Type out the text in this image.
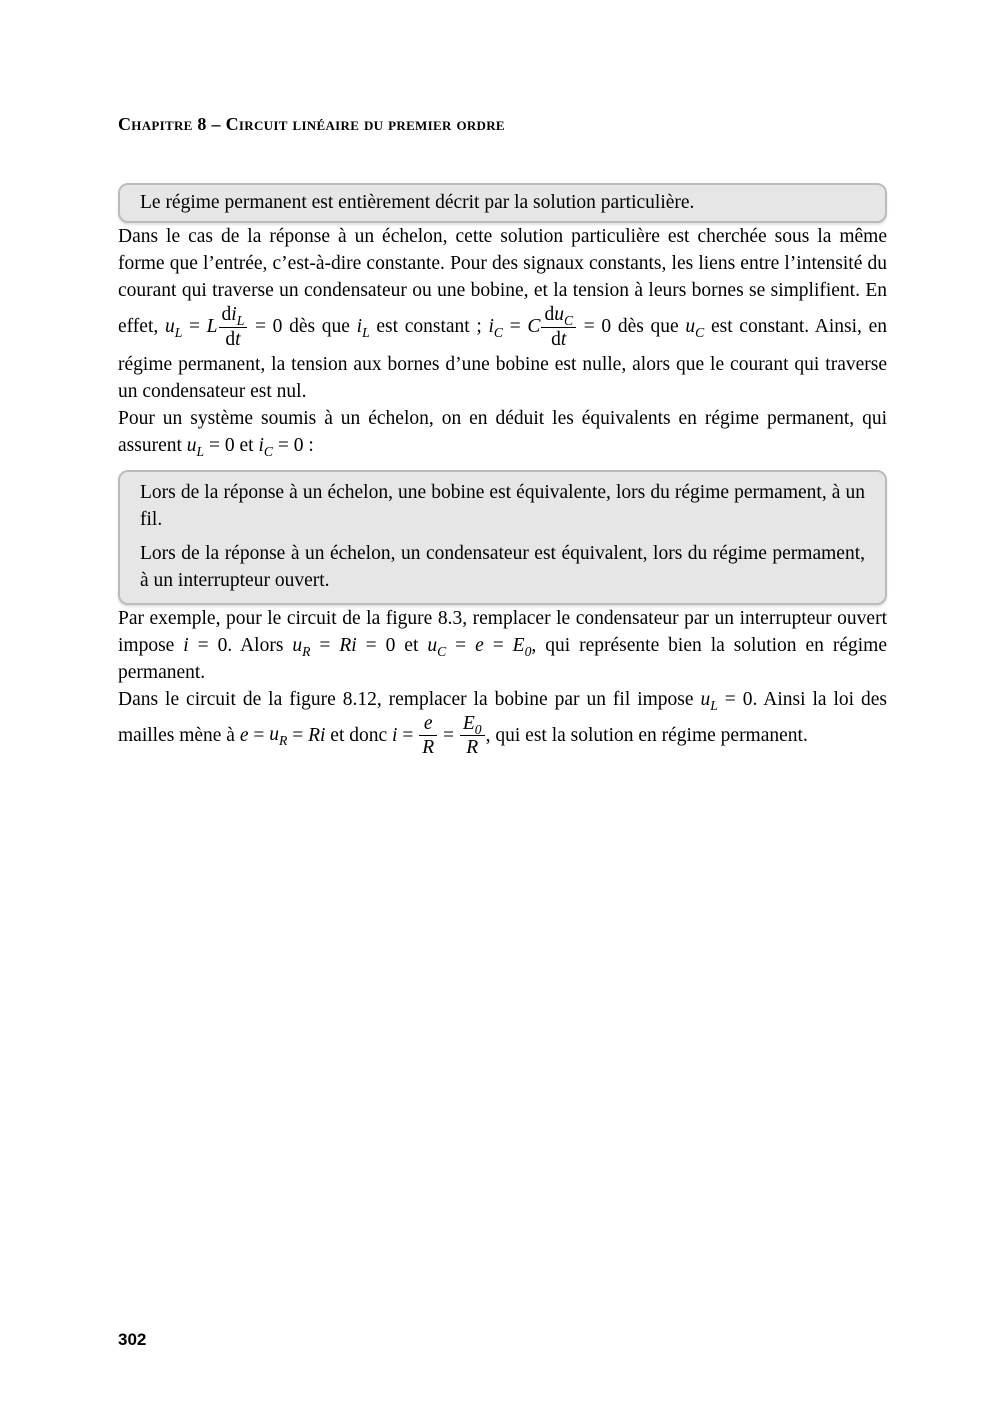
Chapitre 8 – Circuit linéaire du premier ordre

Le régime permanent est entièrement décrit par la solution particulière.

Dans le cas de la réponse à un échelon, cette solution particulière est cherchée sous la même forme que l’entrée, c’est-à-dire constante. Pour des signaux constants, les liens entre l’intensité du courant qui traverse un condensateur ou une bobine, et la tension à leurs bornes se simplifient. En effet, $u_L = L \frac{di_L}{dt} = 0$ dès que $i_L$ est constant ; $i_C = C \frac{du_C}{dt} = 0$ dès que $u_C$ est constant. Ainsi, en régime permanent, la tension aux bornes d’une bobine est nulle, alors que le courant qui traverse un condensateur est nul.

Pour un système soumis à un échelon, on en déduit les équivalents en régime permanent, qui assurent $u_L = 0$ et $i_C = 0$ :

Lors de la réponse à un échelon, une bobine est équivalente, lors du régime permament, à un fil.

Lors de la réponse à un échelon, un condensateur est équivalent, lors du régime permament, à un interrupteur ouvert.

Par exemple, pour le circuit de la figure 8.3, remplacer le condensateur par un interrupteur ouvert impose i = 0. Alors $u_R = Ri = 0$ et $u_C = e = E_0$, qui représente bien la solution en régime permanent.

Dans le circuit de la figure 8.12, remplacer la bobine par un fil impose $u_L = 0$. Ainsi la loi des mailles mène à $e = u_R = Ri$ et donc $i = \frac{e}{R} = \frac{E_0}{R}$ , qui est la solution en régime permanent.

302
